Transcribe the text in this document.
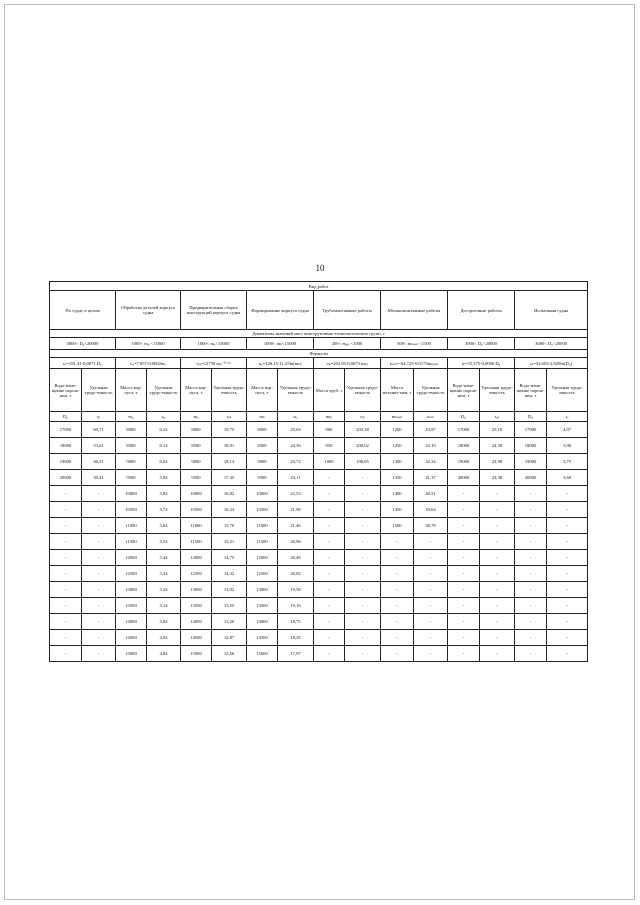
10
Вид работ															
По судну в целом		Обработка деталей корпуса судна		Предварительная сборка конструкций корпуса судна		Формирование корпуса судна		Трубомонтажные работы		Механомонтажные работы		Достроечные работы		Испытания судна	
Диапазоны значений масс конструктивно-технологических групп, т															
3000< D₀<20000		1000< m₀ <15000		1000< mₓ<15000		1000< mₖ<15000		200< m₀ₚ <1000		500< mₘₑₘ <1500		3000< D₀<20000		3000< D₀<20000	
Формулы															
tₚ=181,41-0,0071 D₀		tₒₔ=7,857-0,0002mₒ		tₚₛ=12758 mₚ⁻⁰·⁷²		tₖₐ=126,15-11,25ln(mₖ)		tₜₚ=263,95-0,0673 mₜₚ		tₘₘ=-64,725-0,0173mₘₑₘ		tₚ=35,375-0,0006 D₀		tₚ=32,603-2,929ln(D₀)	
Водо-изме-щение порож-нем, т	Удельная трудо-емкость	Масса кор-пуса, т	Удельная трудо-емкость	Масса кор-пуса, т	Удельная трудо-емкость	Масса кор-пуса, т	Удельная трудо-емкость	Масса труб, т	Удельная трудо-емкость	Масса механиз-мов, т	Удельная трудо-емкость	Водо-изме-щение порож-нем, т	Удельная трудо-емкость	Водо-изме-щение порож-нем, т	Удельная трудо-емкость
D₀	tₚ	m₀	tₒₔ	mₓ	tₚₛ	mₖ	tₖₐ	mₜₚ	tₜₚ	mₘₑₘ	tₘₘ	D₀	tₐₚ	D₀	tₐ
17000	60,71	8000	6,24	8000	19,75	8000	25,04	900	203,38	1200	43,97	17000	25,18	17000	4,07
18000	53,61	8500	6,14	8500	18,91	8500	24,36	950	200,02	1250	43,10	18000	24,58	18000	3,90
19000	46,51	9000	6,04	9000	18,14	9000	23,72	1000	196,65	1300	42,24	19000	23,98	19000	3,75
20000	39,41	9500	5,94	9500	17,45	9500	23,11	-	-	1350	41,37	20000	23,38	20000	3,60
-	-	10000	5,84	10000	16,82	10000	22,53	-	-	1400	40,51	-	-	-	-
-	-	10500	5,74	10500	16,24	10500	21,98	-	-	1450	39,64	-	-	-	-
-	-	11000	5,64	11000	15,70	11000	21,46	-	-	1500	38,78	-	-	-	-
-	-	11500	5,54	11500	15,21	11500	20,96	-	-	-	-	-	-	-	-
-	-	12000	5,44	12000	14,75	12000	20,48	-	-	-	-	-	-	-	-
-	-	12500	5,34	12500	14,32	12500	20,02	-	-	-	-	-	-	-	-
-	-	13000	5,24	13000	13,92	13000	19,58	-	-	-	-	-	-	-	-
-	-	13500	5,14	13500	13,55	13500	19,16	-	-	-	-	-	-	-	-
-	-	14000	5,04	14000	13,20	14000	18,75	-	-	-	-	-	-	-	-
-	-	14500	4,94	14500	12,87	14500	18,35	-	-	-	-	-	-	-	-
-	-	15000	4,84	15000	12,56	15000	17,97	-	-	-	-	-	-	-	-
